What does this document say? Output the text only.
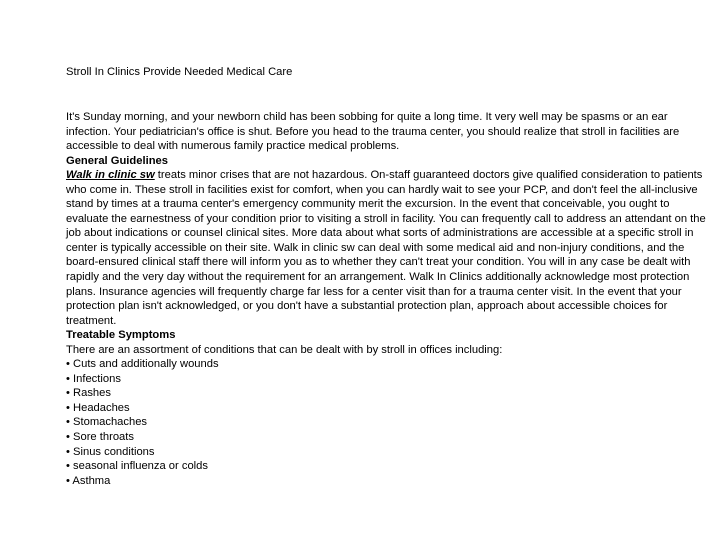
Stroll In Clinics Provide Needed Medical Care

It's Sunday morning, and your newborn child has been sobbing for quite a long time. It very well may be spasms or an ear infection. Your pediatrician's office is shut. Before you head to the trauma center, you should realize that stroll in facilities are accessible to deal with numerous family practice medical problems.

General Guidelines

Walk in clinic sw treats minor crises that are not hazardous. On-staff guaranteed doctors give qualified consideration to patients who come in. These stroll in facilities exist for comfort, when you can hardly wait to see your PCP, and don't feel the all-inclusive stand by times at a trauma center's emergency community merit the excursion. In the event that conceivable, you ought to evaluate the earnestness of your condition prior to visiting a stroll in facility. You can frequently call to address an attendant on the job about indications or counsel clinical sites. More data about what sorts of administrations are accessible at a specific stroll in center is typically accessible on their site. Walk in clinic sw can deal with some medical aid and non-injury conditions, and the board-ensured clinical staff there will inform you as to whether they can't treat your condition. You will in any case be dealt with rapidly and the very day without the requirement for an arrangement. Walk In Clinics additionally acknowledge most protection plans. Insurance agencies will frequently charge far less for a center visit than for a trauma center visit. In the event that your protection plan isn't acknowledged, or you don't have a substantial protection plan, approach about accessible choices for treatment.

Treatable Symptoms

There are an assortment of conditions that can be dealt with by stroll in offices including:

• Cuts and additionally wounds
• Infections
• Rashes
• Headaches
• Stomachaches
• Sore throats
• Sinus conditions
• seasonal influenza or colds
• Asthma
